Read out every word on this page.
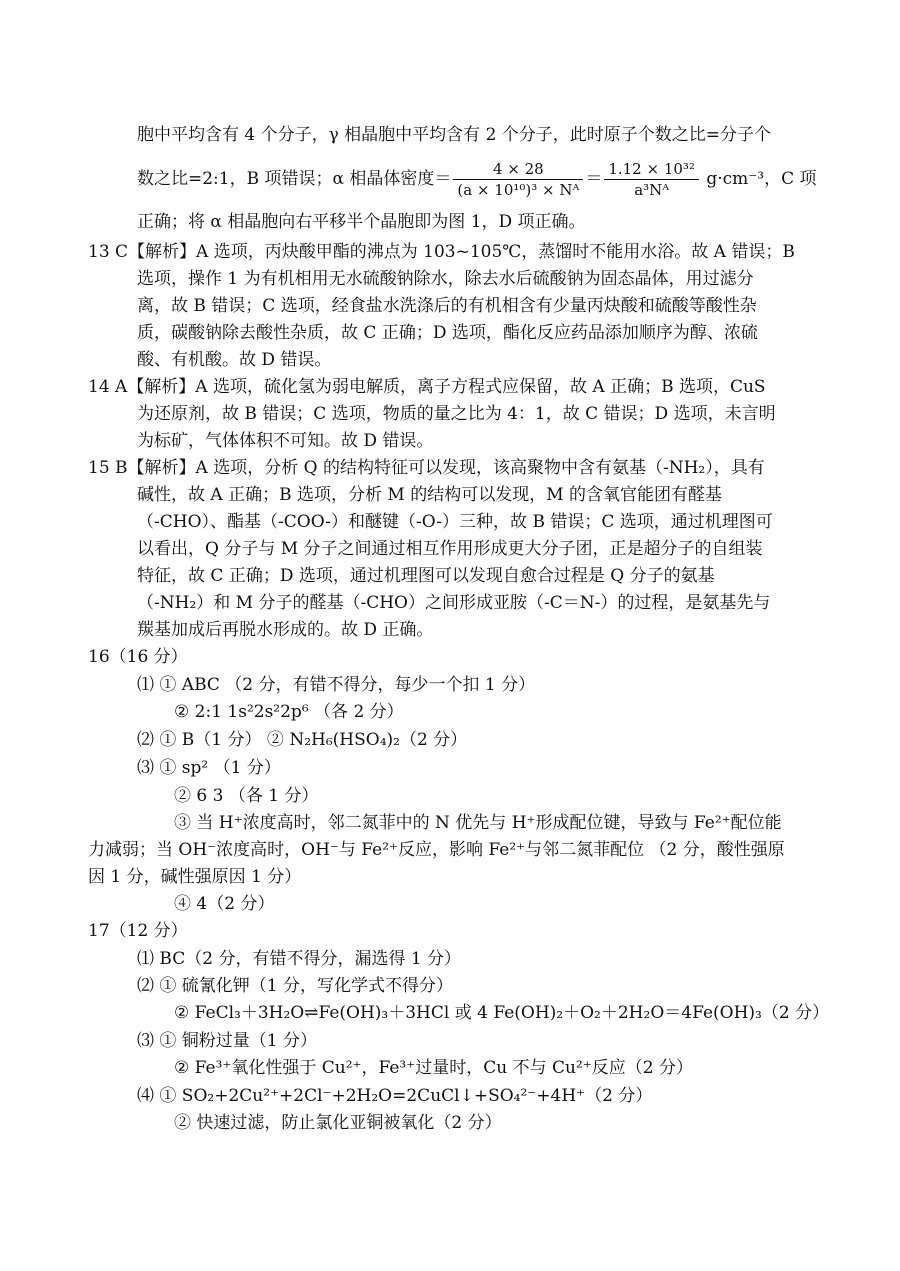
胞中平均含有 4 个分子，γ 相晶胞中平均含有 2 个分子，此时原子个数之比=分子个
数之比=2:1，B 项错误；α 相晶体密度＝ $\frac{4 \times 28}{\text{(a × 10¹⁰)³ × Nᴬ}} = \frac{\text{1.12 × 10³²}}{\text{a³Nᴬ}} g\cdot cm^{-3}$，C 项
正确；将 α 相晶胞向右平移半个晶胞即为图 1，D 项正确。
13 C【解析】A 选项，丙炔酸甲酯的沸点为 103~105℃，蒸馏时不能用水浴。故 A 错误；B
选项，操作 1 为有机相用无水硫酸钠除水，除去水后硫酸钠为固态晶体，用过滤分
离，故 B 错误；C 选项，经食盐水洗涤后的有机相含有少量丙炔酸和硫酸等酸性杂
质，碳酸钠除去酸性杂质，故 C 正确；D 选项，酯化反应药品添加顺序为醇、浓硫
酸、有机酸。故 D 错误。
14 A【解析】A 选项，硫化氢为弱电解质，离子方程式应保留，故 A 正确；B 选项，CuS
为还原剂，故 B 错误；C 选项，物质的量之比为 4：1，故 C 错误；D 选项，未言明
为标矿，气体体积不可知。故 D 错误。
15 B【解析】A 选项，分析 Q 的结构特征可以发现，该高聚物中含有氨基（-NH₂），具有
碱性，故 A 正确；B 选项，分析 M 的结构可以发现，M 的含氧官能团有醛基
（-CHO）、酯基（-COO-）和醚键（-O-）三种，故 B 错误；C 选项，通过机理图可
以看出，Q 分子与 M 分子之间通过相互作用形成更大分子团，正是超分子的自组装
特征，故 C 正确；D 选项，通过机理图可以发现自愈合过程是 Q 分子的氨基
（-NH₂）和 M 分子的醛基（-CHO）之间形成亚胺（-C＝N-）的过程，是氨基先与
羰基加成后再脱水形成的。故 D 正确。
16（16 分）
⑴ ① ABC （2 分，有错不得分，每少一个扣 1 分）
② 2:1 1s²2s²2p⁶ （各 2 分）
⑵ ① B（1 分） ② N₂H₆(HSO₄)₂（2 分）
⑶ ① sp² （1 分）
② 6 3 （各 1 分）
③ 当 H⁺浓度高时，邻二氮菲中的 N 优先与 H⁺形成配位键，导致与 Fe²⁺配位能
力减弱；当 OH⁻浓度高时，OH⁻与 Fe²⁺反应，影响 Fe²⁺与邻二氮菲配位 （2 分，酸性强原
因 1 分，碱性强原因 1 分）
④ 4（2 分）
17（12 分）
⑴ BC（2 分，有错不得分，漏选得 1 分）
⑵ ① 硫氰化钾（1 分，写化学式不得分）
② FeCl₃＋3H₂O⇌Fe(OH)₃＋3HCl 或 4 Fe(OH)₂＋O₂＋2H₂O＝4Fe(OH)₃（2 分）
⑶ ① 铜粉过量（1 分）
② Fe³⁺氧化性强于 Cu²⁺，Fe³⁺过量时，Cu 不与 Cu²⁺反应（2 分）
⑷ ① SO₂+2Cu²⁺+2Cl⁻+2H₂O=2CuCl↓+SO₄²⁻+4H⁺（2 分）
② 快速过滤，防止氯化亚铜被氧化（2 分）
